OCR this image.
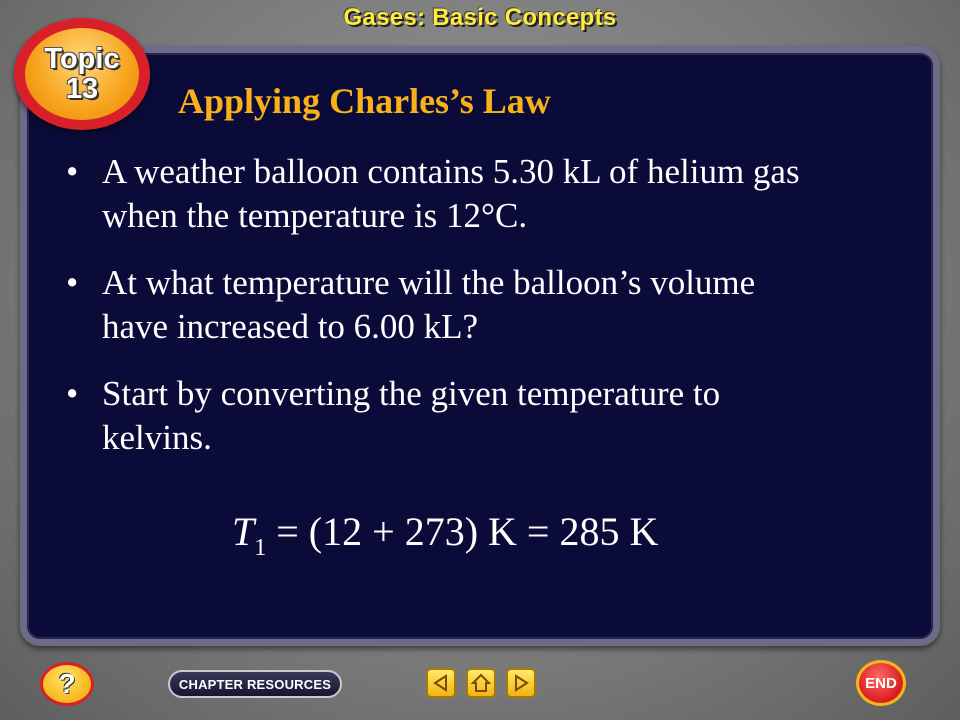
Gases: Basic Concepts
Topic
13 Applying Charles’s Law
• A weather balloon contains 5.30 kL of helium gas when the temperature is 12°C.
• At what temperature will the balloon’s volume have increased to 6.00 kL?
• Start by converting the given temperature to kelvins.
$T_1 = (12 + 273) K = 285$ K
?	CHAPTER RESOURCES	END
